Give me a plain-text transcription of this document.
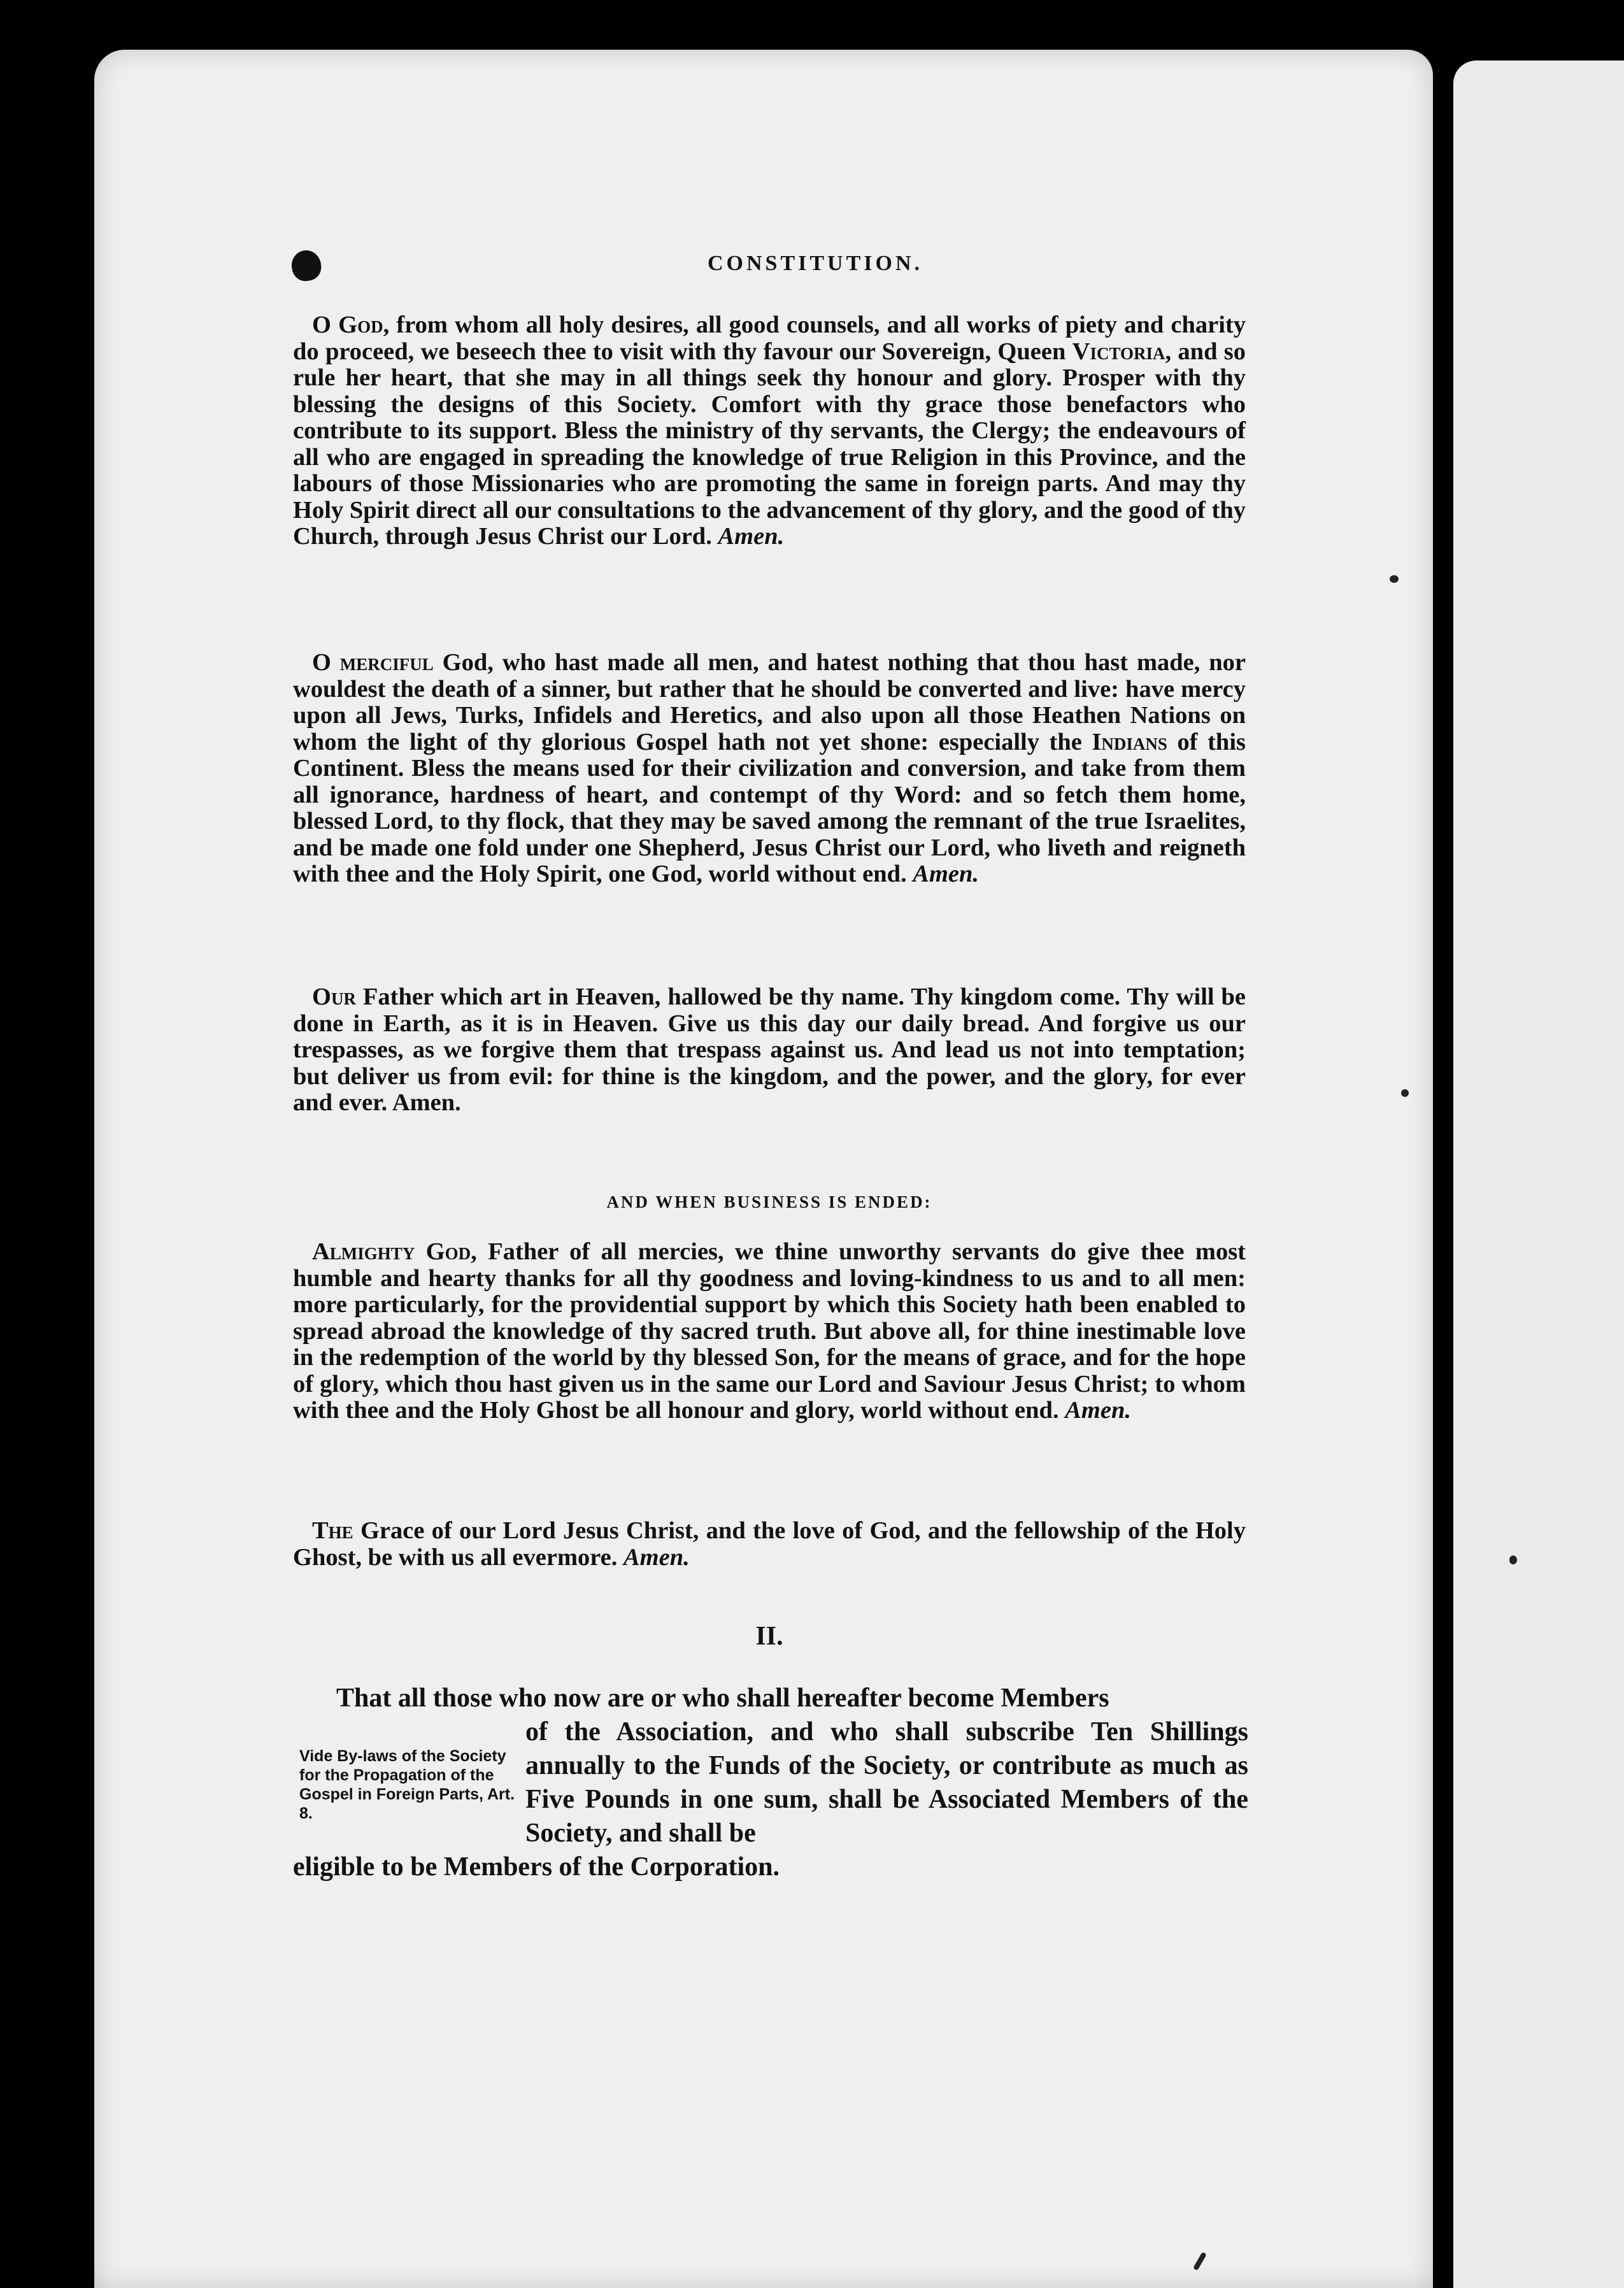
CONSTITUTION.
O God, from whom all holy desires, all good counsels, and all works of piety and charity do proceed, we beseech thee to visit with thy favour our Sovereign, Queen Victoria, and so rule her heart, that she may in all things seek thy honour and glory. Prosper with thy blessing the designs of this Society. Comfort with thy grace those benefactors who contribute to its support. Bless the ministry of thy servants, the Clergy; the endeavours of all who are engaged in spreading the knowledge of true Religion in this Province, and the labours of those Missionaries who are promoting the same in foreign parts. And may thy Holy Spirit direct all our consultations to the advancement of thy glory, and the good of thy Church, through Jesus Christ our Lord. Amen.
O merciful God, who hast made all men, and hatest nothing that thou hast made, nor wouldest the death of a sinner, but rather that he should be converted and live: have mercy upon all Jews, Turks, Infidels and Heretics, and also upon all those Heathen Nations on whom the light of thy glorious Gospel hath not yet shone: especially the Indians of this Continent. Bless the means used for their civilization and conversion, and take from them all ignorance, hardness of heart, and contempt of thy Word: and so fetch them home, blessed Lord, to thy flock, that they may be saved among the remnant of the true Israelites, and be made one fold under one Shepherd, Jesus Christ our Lord, who liveth and reigneth with thee and the Holy Spirit, one God, world without end. Amen.
Our Father which art in Heaven, hallowed be thy name. Thy kingdom come. Thy will be done in Earth, as it is in Heaven. Give us this day our daily bread. And forgive us our trespasses, as we forgive them that trespass against us. And lead us not into temptation; but deliver us from evil: for thine is the kingdom, and the power, and the glory, for ever and ever. Amen.
AND WHEN BUSINESS IS ENDED:
Almighty God, Father of all mercies, we thine unworthy servants do give thee most humble and hearty thanks for all thy goodness and loving-kindness to us and to all men: more particularly, for the providential support by which this Society hath been enabled to spread abroad the knowledge of thy sacred truth. But above all, for thine inestimable love in the redemption of the world by thy blessed Son, for the means of grace, and for the hope of glory, which thou hast given us in the same our Lord and Saviour Jesus Christ; to whom with thee and the Holy Ghost be all honour and glory, world without end. Amen.
The Grace of our Lord Jesus Christ, and the love of God, and the fellowship of the Holy Ghost, be with us all evermore. Amen.
II.
That all those who now are or who shall hereafter become Members
of the Association, and who shall subscribe Ten Shillings annually to the Funds of the Society, or contribute as much as Five Pounds in one sum, shall be Associated Members of the Society, and shall be
eligible to be Members of the Corporation.
Vide By-laws of the Society for the Propagation of the Gospel in Foreign Parts, Art. 8.
